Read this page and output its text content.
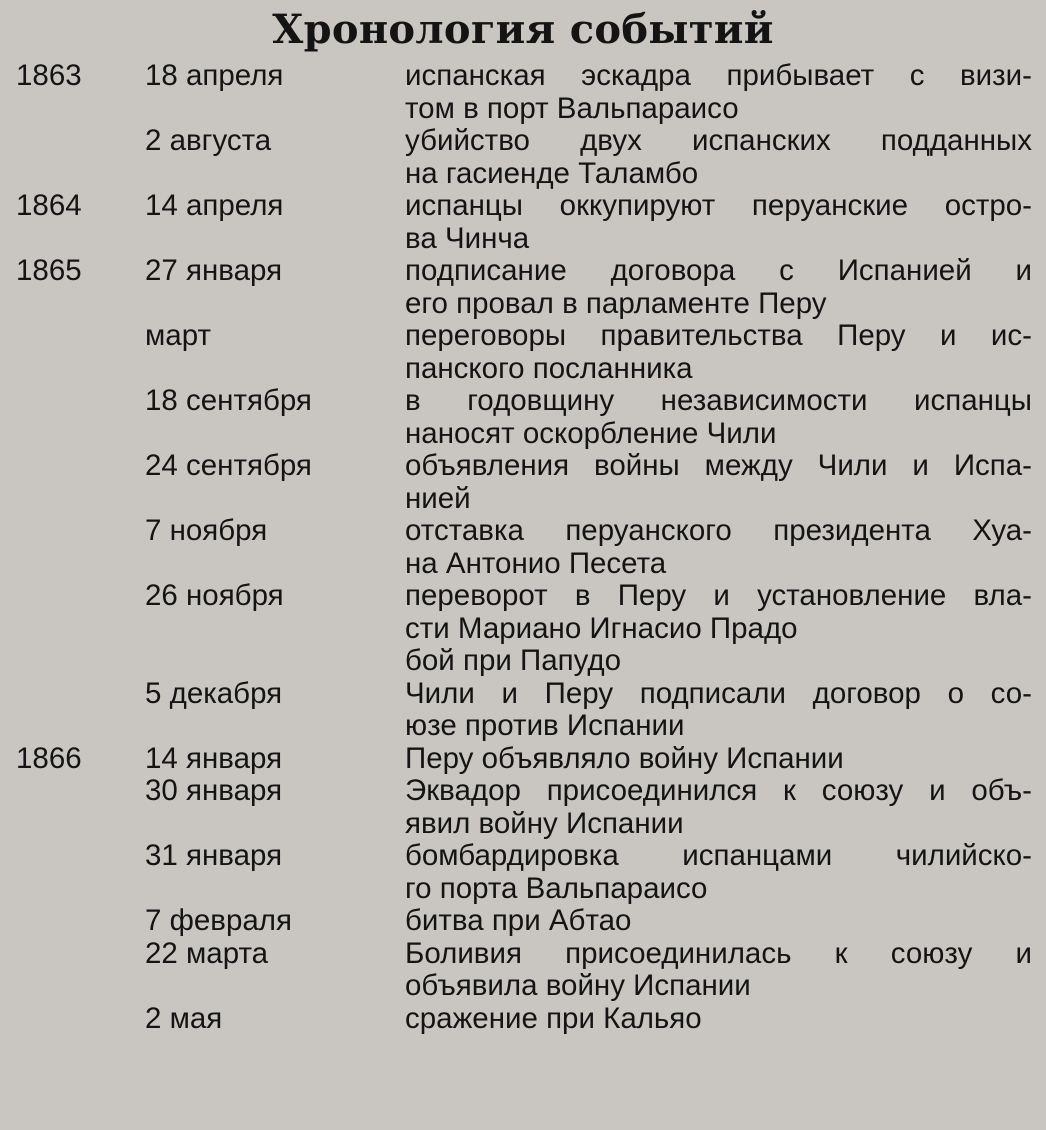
Хронология событий
1863	18 апреля	испанская эскадра прибывает с визи-
том в порт Вальпараисо
2 августа	убийство двух испанских подданных
на гасиенде Таламбо
1864	14 апреля	испанцы оккупируют перуанские остро-
ва Чинча
1865	27 января	подписание договора с Испанией и
его провал в парламенте Перу
март	переговоры правительства Перу и ис-
панского посланника
18 сентября	в годовщину независимости испанцы
наносят оскорбление Чили
24 сентября	объявления войны между Чили и Испа-
нией
7 ноября	отставка перуанского президента Хуа-
на Антонио Песета
26 ноября	переворот в Перу и установление вла-
сти Мариано Игнасио Прадо
бой при Папудо
5 декабря	Чили и Перу подписали договор о со-
юзе против Испании
1866	14 января	Перу объявляло войну Испании
30 января	Эквадор присоединился к союзу и объ-
явил войну Испании
31 января	бомбардировка испанцами чилийско-
го порта Вальпараисо
7 февраля	битва при Абтао
22 марта	Боливия присоединилась к союзу и
объявила войну Испании
2 мая	сражение при Кальяо
